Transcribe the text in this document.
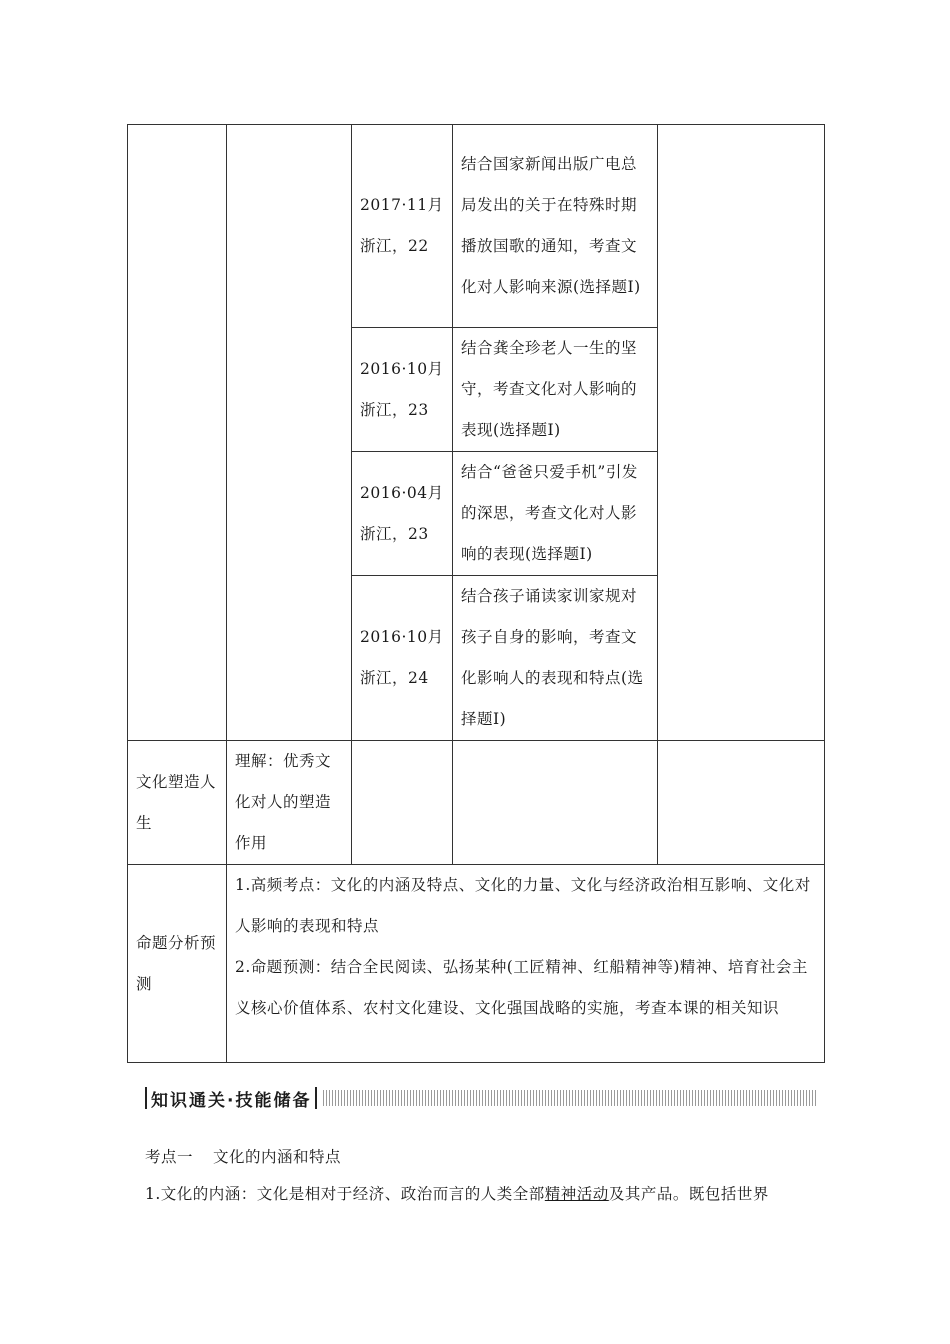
		2017·11月浙江，22	结合国家新闻出版广电总局发出的关于在特殊时期播放国歌的通知，考查文化对人影响来源(选择题Ⅰ)	
		2016·10月浙江，23	结合龚全珍老人一生的坚守，考查文化对人影响的表现(选择题Ⅰ)	
		2016·04月浙江，23	结合“爸爸只爱手机”引发的深思，考查文化对人影响的表现(选择题Ⅰ)	
		2016·10月浙江，24	结合孩子诵读家训家规对孩子自身的影响，考查文化影响人的表现和特点(选择题Ⅰ)	
文化塑造人生	理解：优秀文化对人的塑造作用			
命题分析预测	1.高频考点：文化的内涵及特点、文化的力量、文化与经济政治相互影响、文化对人影响的表现和特点
2.命题预测：结合全民阅读、弘扬某种(工匠精神、红船精神等)精神、培育社会主义核心价值体系、农村文化建设、文化强国战略的实施，考查本课的相关知识			
知识通关·技能储备
考点一 文化的内涵和特点
1.文化的内涵：文化是相对于经济、政治而言的人类全部精神活动及其产品。既包括世界
